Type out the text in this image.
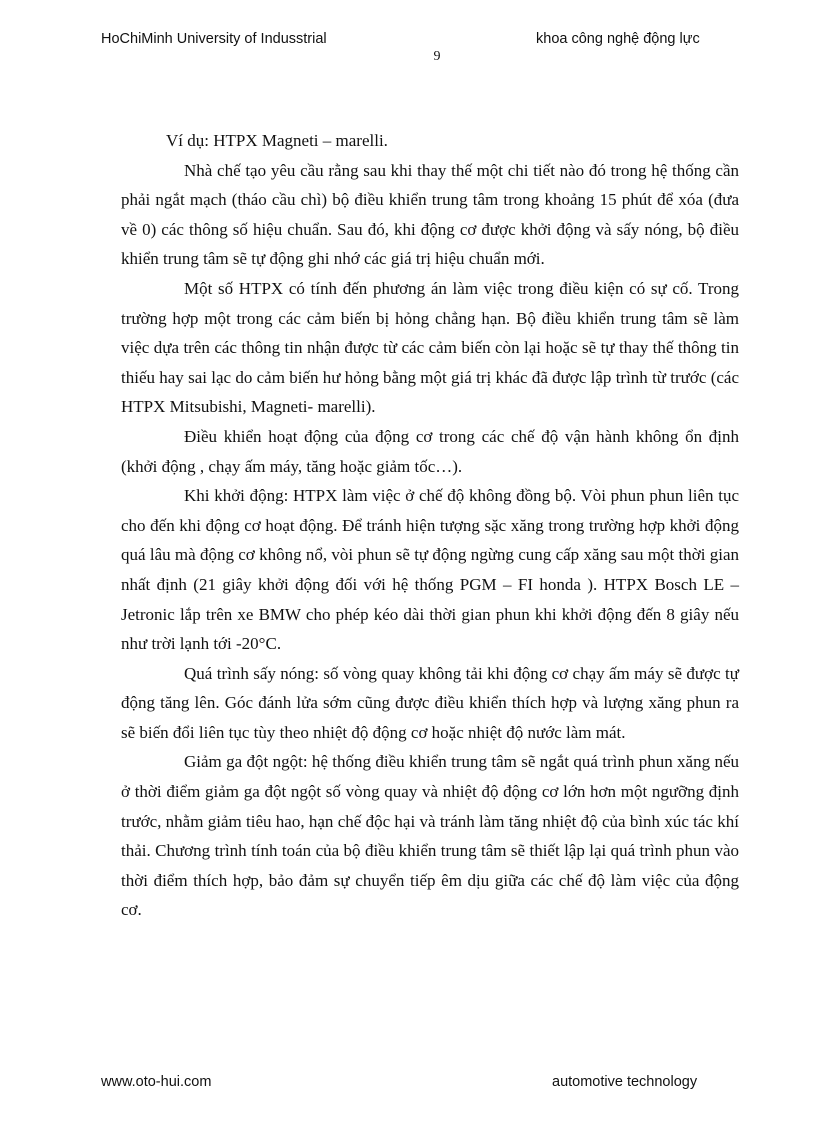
HoChiMinh University of Indusstrial	khoa công nghệ động lực
9

Ví dụ: HTPX Magneti – marelli.

Nhà chế tạo yêu cầu rằng sau khi thay thế một chi tiết nào đó trong hệ thống cần phải ngắt mạch (tháo cầu chì) bộ điều khiển trung tâm trong khoảng 15 phút để xóa (đưa về 0) các thông số hiệu chuẩn. Sau đó, khi động cơ được khởi động và sấy nóng, bộ điều khiển trung tâm sẽ tự động ghi nhớ các giá trị hiệu chuẩn mới.

Một số HTPX có tính đến phương án làm việc trong điều kiện có sự cố. Trong trường hợp một trong các cảm biến bị hỏng chẳng hạn. Bộ điều khiển trung tâm sẽ làm việc dựa trên các thông tin nhận được từ các cảm biến còn lại hoặc sẽ tự thay thế thông tin thiếu hay sai lạc do cảm biến hư hỏng bằng một giá trị khác đã được lập trình từ trước (các HTPX Mitsubishi, Magneti- marelli).

Điều khiển hoạt động của động cơ trong các chế độ vận hành không ổn định (khởi động , chạy ấm máy, tăng hoặc giảm tốc…).

Khi khởi động: HTPX làm việc ở chế độ không đồng bộ. Vòi phun phun liên tục cho đến khi động cơ hoạt động. Để tránh hiện tượng sặc xăng trong trường hợp khởi động quá lâu mà động cơ không nổ, vòi phun sẽ tự động ngừng cung cấp xăng sau một thời gian nhất định (21 giây khởi động đối với hệ thống PGM – FI honda ). HTPX Bosch LE – Jetronic lắp trên xe BMW cho phép kéo dài thời gian phun khi khởi động đến 8 giây nếu như trời lạnh tới -20°C.

Quá trình sấy nóng: số vòng quay không tải khi động cơ chạy ấm máy sẽ được tự động tăng lên. Góc đánh lửa sớm cũng được điều khiển thích hợp và lượng xăng phun ra sẽ biến đổi liên tục tùy theo nhiệt độ động cơ hoặc nhiệt độ nước làm mát.

Giảm ga đột ngột: hệ thống điều khiển trung tâm sẽ ngắt quá trình phun xăng nếu ở thời điểm giảm ga đột ngột số vòng quay và nhiệt độ động cơ lớn hơn một ngưỡng định trước, nhằm giảm tiêu hao, hạn chế độc hại và tránh làm tăng nhiệt độ của bình xúc tác khí thải. Chương trình tính toán của bộ điều khiển trung tâm sẽ thiết lập lại quá trình phun vào thời điểm thích hợp, bảo đảm sự chuyển tiếp êm dịu giữa các chế độ làm việc của động cơ.

www.oto-hui.com	automotive technology
